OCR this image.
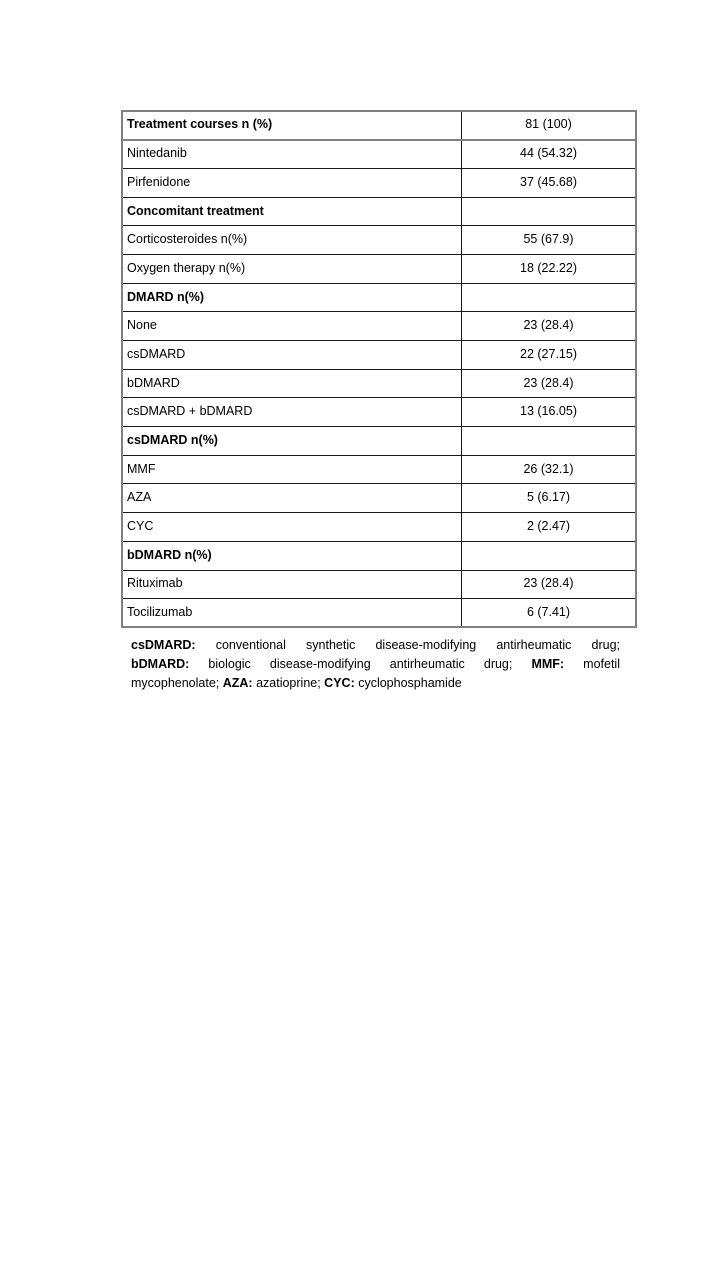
Treatment courses n (%)	81 (100)
Nintedanib	44 (54.32)
Pirfenidone	37 (45.68)
Concomitant treatment	
Corticosteroides n(%)	55 (67.9)
Oxygen therapy n(%)	18 (22.22)
DMARD n(%)	
None	23 (28.4)
csDMARD	22 (27.15)
bDMARD	23 (28.4)
csDMARD + bDMARD	13 (16.05)
csDMARD n(%)	
MMF	26 (32.1)
AZA	5 (6.17)
CYC	2 (2.47)
bDMARD n(%)	
Rituximab	23 (28.4)
Tocilizumab	6 (7.41)
csDMARD: conventional synthetic disease-modifying antirheumatic drug;
bDMARD: biologic disease-modifying antirheumatic drug; MMF: mofetil
mycophenolate; AZA: azatioprine; CYC: cyclophosphamide
